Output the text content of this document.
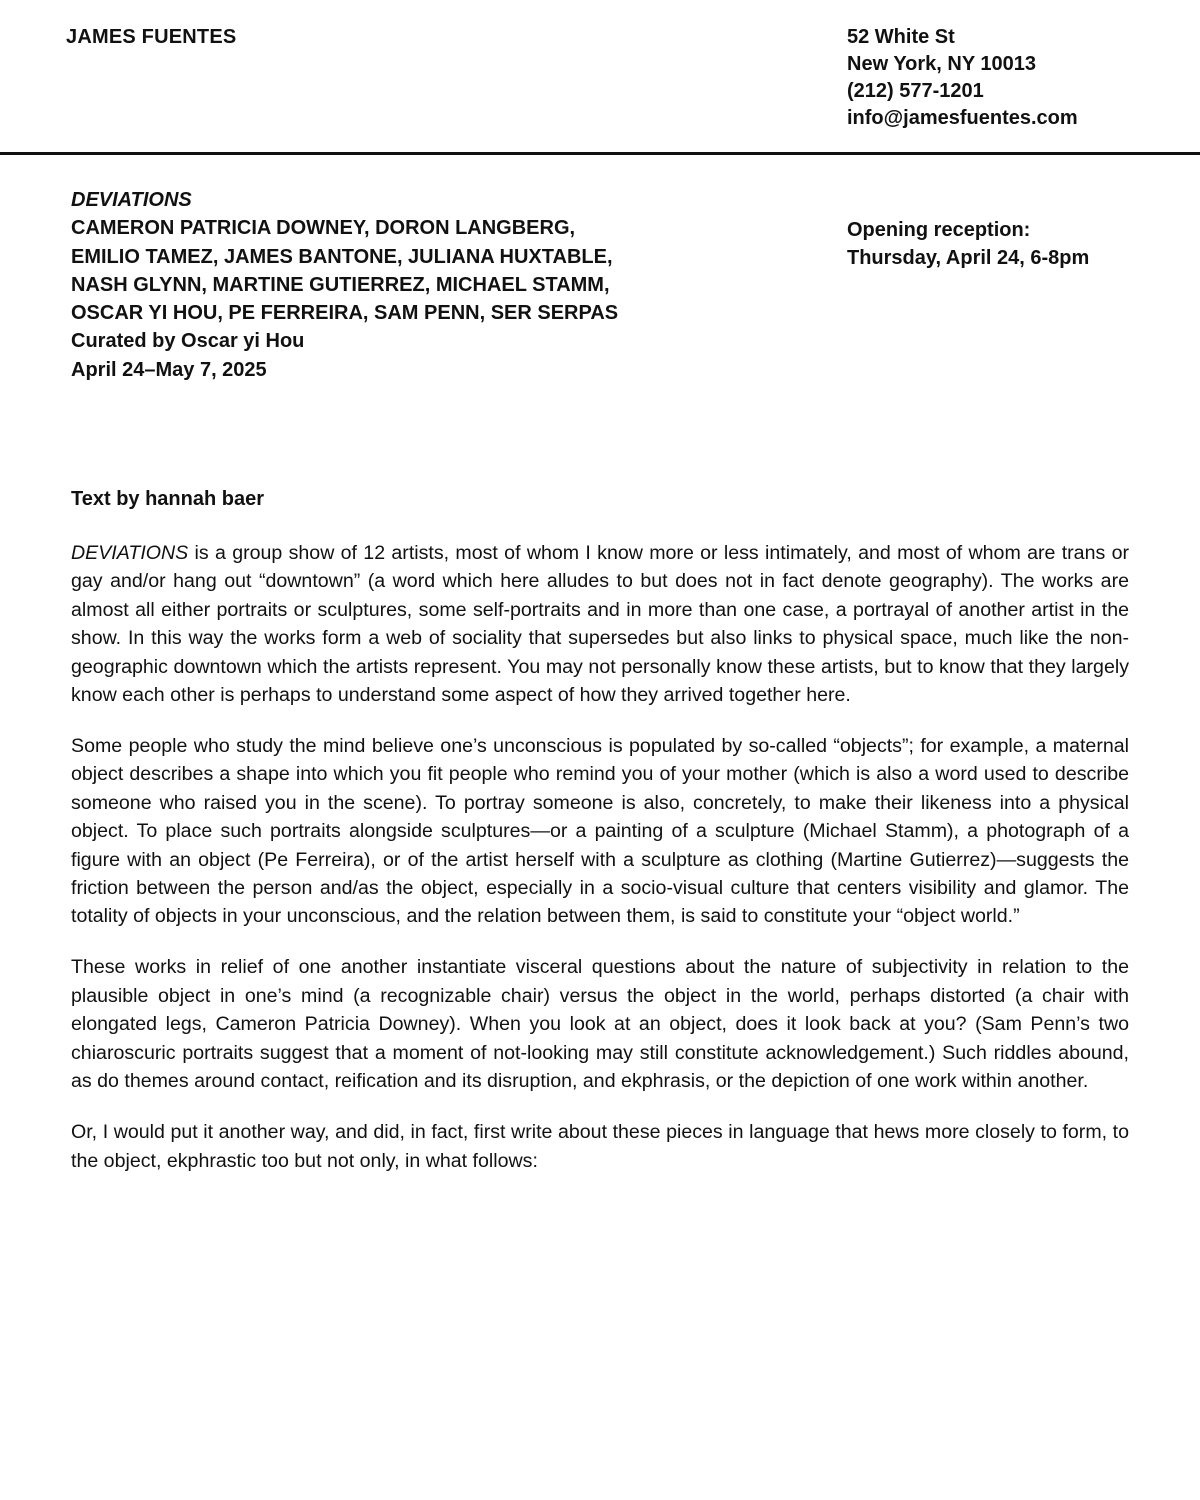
JAMES FUENTES	52 White St
New York, NY 10013
(212) 577-1201
info@jamesfuentes.com
DEVIATIONS
CAMERON PATRICIA DOWNEY, DORON LANGBERG,
EMILIO TAMEZ, JAMES BANTONE, JULIANA HUXTABLE,
NASH GLYNN, MARTINE GUTIERREZ, MICHAEL STAMM,
OSCAR YI HOU, PE FERREIRA, SAM PENN, SER SERPAS
Curated by Oscar yi Hou
April 24–May 7, 2025
Opening reception:
Thursday, April 24, 6-8pm
Text by hannah baer

DEVIATIONS is a group show of 12 artists, most of whom I know more or less intimately, and most of whom are trans or gay and/or hang out “downtown” (a word which here alludes to but does not in fact denote geography). The works are almost all either portraits or sculptures, some self-portraits and in more than one case, a portrayal of another artist in the show. In this way the works form a web of sociality that supersedes but also links to physical space, much like the non-geographic downtown which the artists represent. You may not personally know these artists, but to know that they largely know each other is perhaps to understand some aspect of how they arrived together here.

Some people who study the mind believe one’s unconscious is populated by so-called “objects”; for example, a maternal object describes a shape into which you fit people who remind you of your mother (which is also a word used to describe someone who raised you in the scene). To portray someone is also, concretely, to make their likeness into a physical object. To place such portraits alongside sculptures—or a painting of a sculpture (Michael Stamm), a photograph of a figure with an object (Pe Ferreira), or of the artist herself with a sculpture as clothing (Martine Gutierrez)—suggests the friction between the person and/as the object, especially in a socio-visual culture that centers visibility and glamor. The totality of objects in your unconscious, and the relation between them, is said to constitute your “object world.”

These works in relief of one another instantiate visceral questions about the nature of subjectivity in relation to the plausible object in one’s mind (a recognizable chair) versus the object in the world, perhaps distorted (a chair with elongated legs, Cameron Patricia Downey). When you look at an object, does it look back at you? (Sam Penn’s two chiaroscuric portraits suggest that a moment of not-looking may still constitute acknowledgement.) Such riddles abound, as do themes around contact, reification and its disruption, and ekphrasis, or the depiction of one work within another.

Or, I would put it another way, and did, in fact, first write about these pieces in language that hews more closely to form, to the object, ekphrastic too but not only, in what follows:
